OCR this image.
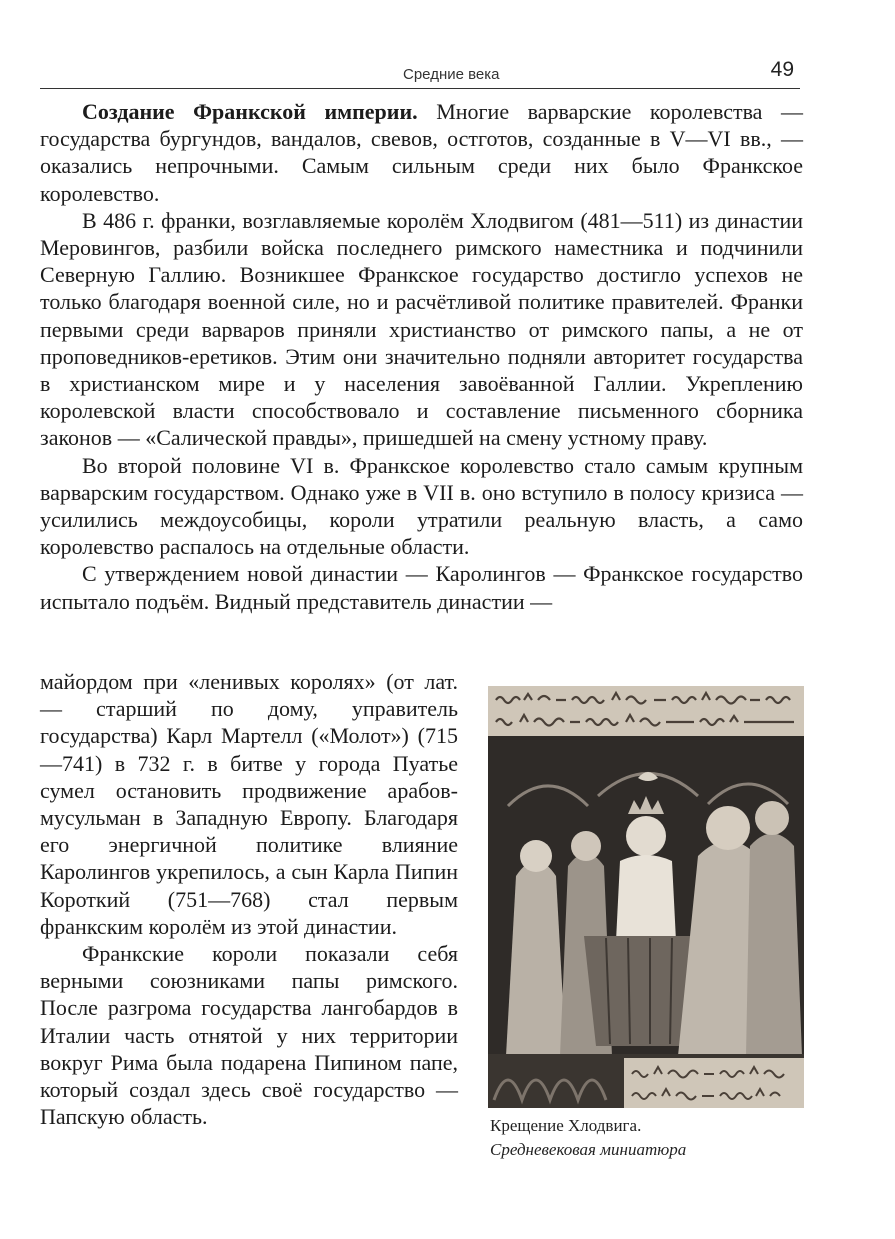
Средние века	49

Создание Франкской империи. Многие варварские королевства — государства бургундов, вандалов, свевов, остготов, созданные в V—VI вв., — оказались непрочными. Самым сильным среди них было Франкское королевство.

В 486 г. франки, возглавляемые королём Хлодвигом (481—511) из династии Меровингов, разбили войска последнего римского наместника и подчинили Северную Галлию. Возникшее Франкское государство достигло успехов не только благодаря военной силе, но и расчётливой политике правителей. Франки первыми среди варваров приняли христианство от римского папы, а не от проповедников-еретиков. Этим они значительно подняли авторитет государства в христианском мире и у населения завоёванной Галлии. Укреплению королевской власти способствовало и составление письменного сборника законов — «Салической правды», пришедшей на смену устному праву.

Во второй половине VI в. Франкское королевство стало самым крупным варварским государством. Однако уже в VII в. оно вступило в полосу кризиса — усилились междоусобицы, короли утратили реальную власть, а само королевство распалось на отдельные области.

С утверждением новой династии — Каролингов — Франкское государство испытало подъём. Видный представитель династии —

майордом при «ленивых королях» (от лат. — старший по дому, управитель государства) Карл Мартелл («Молот») (715—741) в 732 г. в битве у города Пуатье сумел остановить продвижение арабов-мусульман в Западную Европу. Благодаря его энергичной политике влияние Каролингов укрепилось, а сын Карла Пипин Короткий (751—768) стал первым франкским королём из этой династии.

Франкские короли показали себя верными союзниками папы римского. После разгрома государства лангобардов в Италии часть отнятой у них территории вокруг Рима была подарена Пипином папе, который создал здесь своё государство — Папскую область.	Крещение Хлодвига.
Средневековая миниатюра
